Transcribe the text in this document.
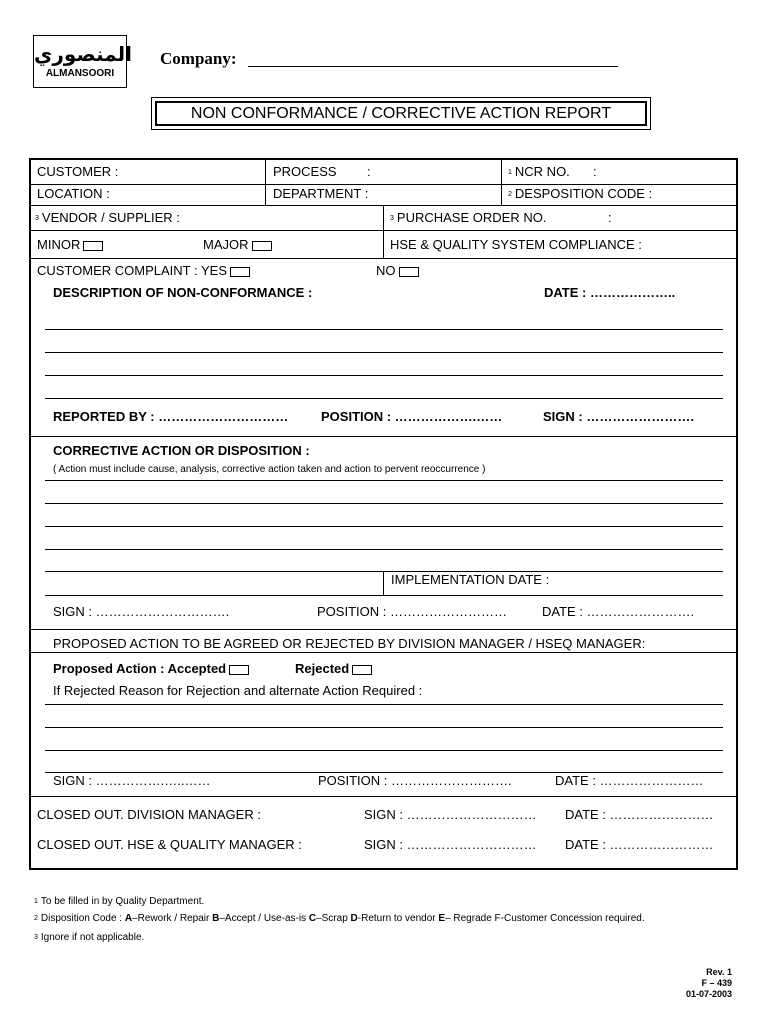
المنصوري
ALMANSOORI
Company:
NON CONFORMANCE / CORRECTIVE ACTION REPORT
CUSTOMER :	PROCESS :	1 NCR NO. :
LOCATION :	DEPARTMENT :	2 DESPOSITION CODE :
3 VENDOR / SUPPLIER :	3 PURCHASE ORDER NO.	:
MINOR	MAJOR	HSE & QUALITY SYSTEM COMPLIANCE :
CUSTOMER COMPLAINT : YES	NO
DESCRIPTION OF NON-CONFORMANCE :	DATE : ………………..
REPORTED BY : …………………………	POSITION : ……………….……	SIGN : …………………….
CORRECTIVE ACTION OR DISPOSITION :
( Action must include cause, analysis, corrective action taken and action to pervent reoccurrence )
IMPLEMENTATION DATE :
SIGN : ………………………….	POSITION : ………………………	DATE : …………………….
PROPOSED ACTION TO BE AGREED OR REJECTED BY DIVISION MANAGER / HSEQ MANAGER:
Proposed Action : Accepted	Rejected
If Rejected Reason for Rejection and alternate Action Required :
SIGN : …………….…..……	POSITION : ……………………….	DATE : ……………………
CLOSED OUT. DIVISION MANAGER :	SIGN : ………………………… DATE : ……………………
CLOSED OUT. HSE & QUALITY MANAGER :	SIGN : ………………………… DATE : ……………………
1 To be filled in by Quality Department.
2 Disposition Code : A–Rework / Repair B–Accept / Use-as-is C–Scrap D-Return to vendor E– Regrade F-Customer Concession required.
3 Ignore if not applicable.
Rev. 1
F – 439
01-07-2003
